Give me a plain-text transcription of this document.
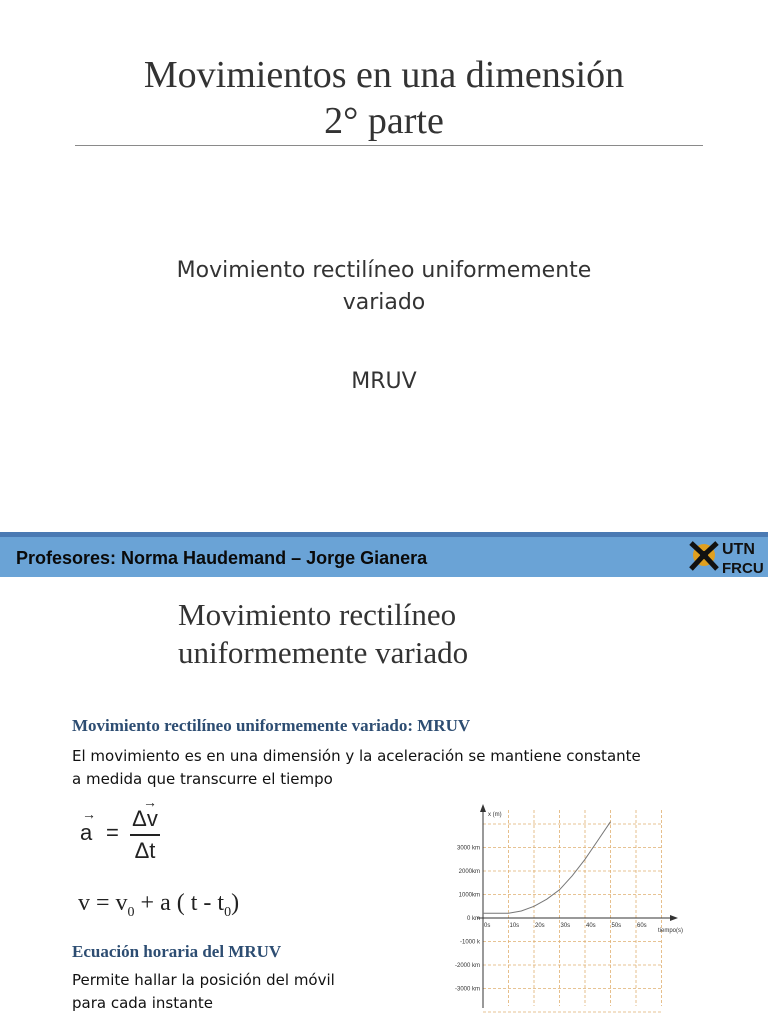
Movimientos en una dimensión
2° parte
Movimiento rectilíneo uniformemente
variado
MRUV
Profesores: Norma Haudemand – Jorge Gianera	UTN
FRCU
Movimiento rectilíneo
uniformemente variado
Movimiento rectilíneo uniformemente variado: MRUV
El movimiento es en una dimensión y la aceleración se mantiene constante
a medida que transcurre el tiempo
→
a =
→
Δv
Δt
$v = v_0 + a$ ( t - $t_0$)
Ecuación horaria del MRUV
Permite hallar la posición del móvil
para cada instante
x (m)
tiempo(s)
0s	10s	20s	30s	40s	50s	60s
3000 km
2000km
1000km
0 km
-1000 k
-2000 km
-3000 km
